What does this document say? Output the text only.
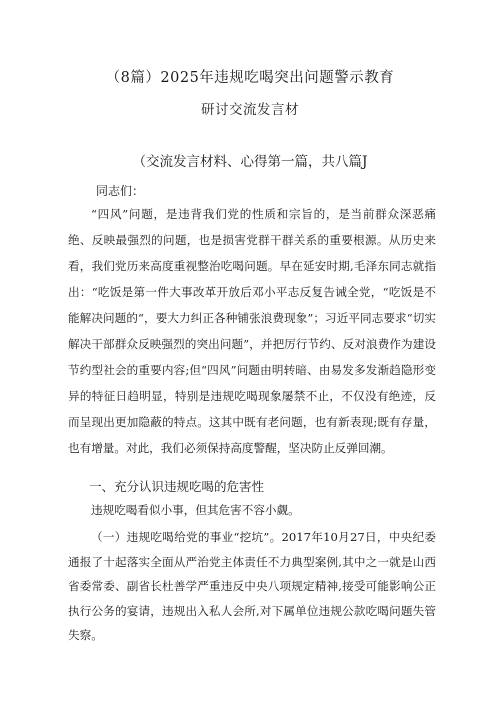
（8篇）2025年违规吃喝突出问题警示教育
研讨交流发言材
（交流发言材料、心得第一篇，共八篇J
同志们：

“四风”问题，是违背我们党的性质和宗旨的，是当前群众深恶痛绝、反映最强烈的问题，也是损害党群干群关系的重要根源。从历史来看，我们党历来高度重视整治吃喝问题。早在延安时期,毛泽东同志就指出：“吃饭是第一件大事改革开放后邓小平志反复告诫全党，“吃饭是不能解决问题的“，要大力纠正各种铺张浪费现象”；习近平同志要求“切实解决干部群众反映强烈的突出问题”，并把厉行节约、反对浪费作为建设节约型社会的重要内容;但“四风”问题由明转暗、由易发多发渐趋隐形变异的特征日趋明显，特别是违规吃喝现象屡禁不止，不仅没有绝迹，反而呈现出更加隐蔽的特点。这其中既有老问题，也有新表现;既有存量，也有增量。对此，我们必须保持高度警醒，坚决防止反弹回潮。

一、充分认识违规吃喝的危害性

违规吃喝看似小事，但其危害不容小觑。

（一）违规吃喝给党的事业“挖坑”。2017年10月27日，中央纪委通报了十起落实全面从严治党主体责任不力典型案例,其中之一就是山西省委常委、副省长杜善学严重违反中央八项规定精神,接受可能影响公正执行公务的宴请，违规出入私人会所,对下属单位违规公款吃喝问题失管失察。
